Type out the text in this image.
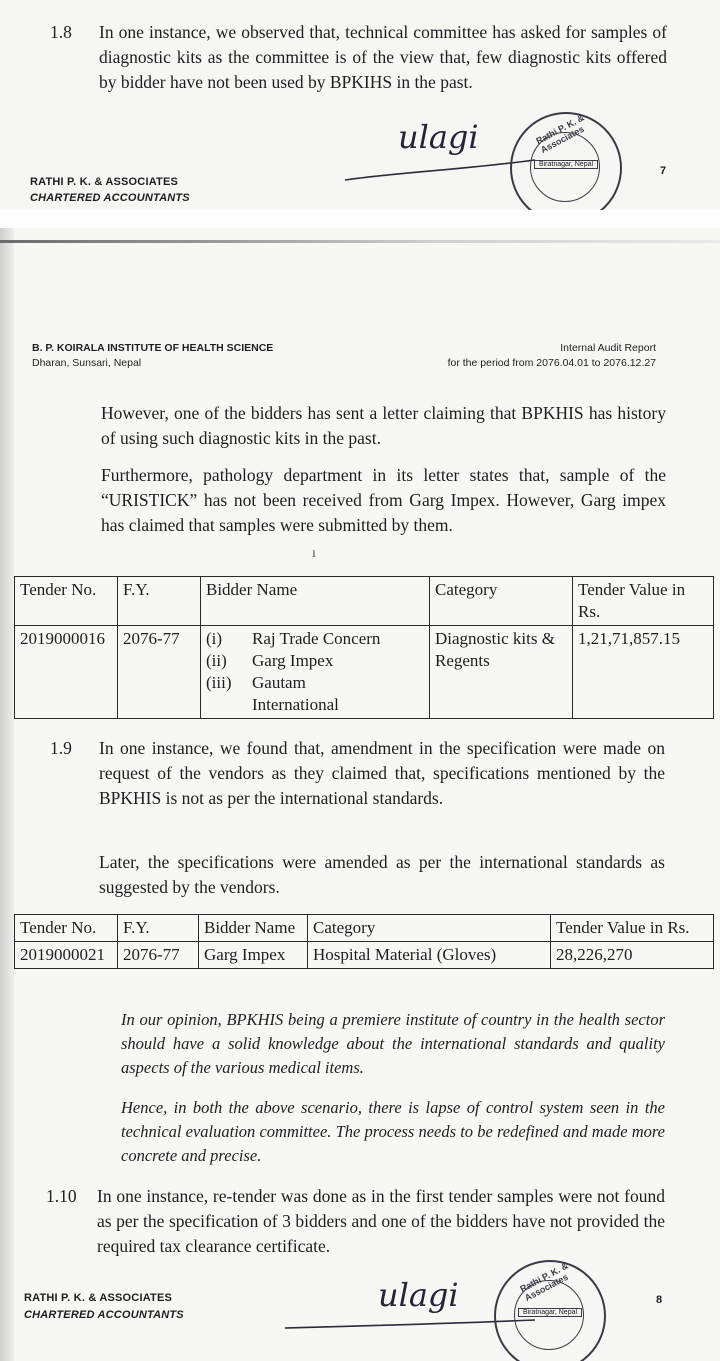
1.8 In one instance, we observed that, technical committee has asked for samples of diagnostic kits as the committee is of the view that, few diagnostic kits offered by bidder have not been used by BPKIHS in the past.
ulagi
Biratnagar, Nepal
Rathi P. K. & Associates
RATHI P. K. & ASSOCIATES
CHARTERED ACCOUNTANTS
7
B. P. KOIRALA INSTITUTE OF HEALTH SCIENCE
Dharan, Sunsari, Nepal
Internal Audit Report
for the period from 2076.04.01 to 2076.12.27
However, one of the bidders has sent a letter claiming that BPKHIS has history of using such diagnostic kits in the past.
Furthermore, pathology department in its letter states that, sample of the “URISTICK” has not been received from Garg Impex. However, Garg impex has claimed that samples were submitted by them.
ı
Tender No.	F.Y.	Bidder Name	Category	Tender Value in Rs.
2019000016	2076-77	(i) Raj Trade Concern
(ii) Garg Impex
(iii) Gautam International	Diagnostic kits & Regents	1,21,71,857.15
1.9 In one instance, we found that, amendment in the specification were made on request of the vendors as they claimed that, specifications mentioned by the BPKHIS is not as per the international standards.
Later, the specifications were amended as per the international standards as suggested by the vendors.
Tender No.	F.Y.	Bidder Name	Category	Tender Value in Rs.
2019000021	2076-77	Garg Impex	Hospital Material (Gloves)	28,226,270
In our opinion, BPKHIS being a premiere institute of country in the health sector should have a solid knowledge about the international standards and quality aspects of the various medical items.
Hence, in both the above scenario, there is lapse of control system seen in the technical evaluation committee. The process needs to be redefined and made more concrete and precise.
1.10 In one instance, re-tender was done as in the first tender samples were not found as per the specification of 3 bidders and one of the bidders have not provided the required tax clearance certificate.
ulagi	Biratnagar, Nepal
Rathi P. K. & Associates
RATHI P. K. & ASSOCIATES
CHARTERED ACCOUNTANTS
8
